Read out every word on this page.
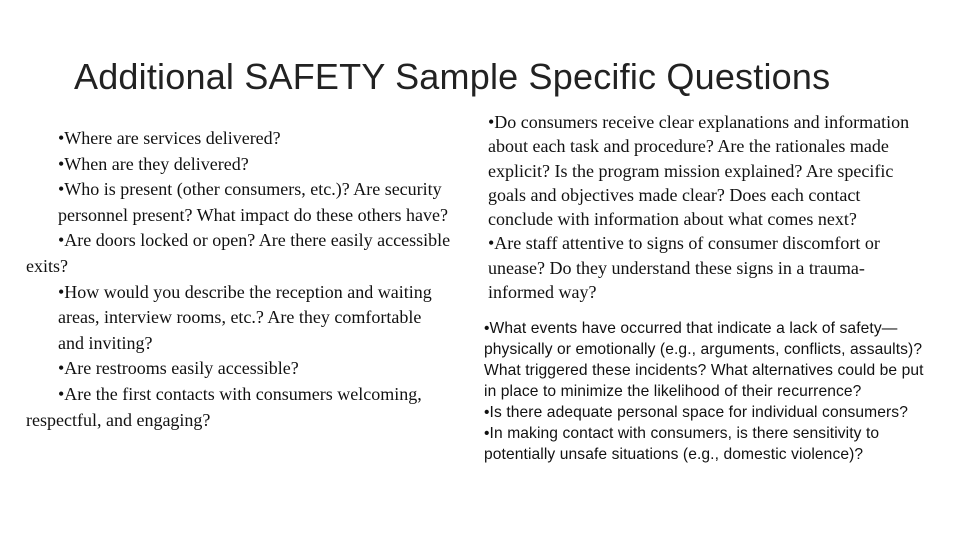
Additional SAFETY Sample Specific Questions

•Where are services delivered?

•When are they delivered?

•Who is present (other consumers, etc.)? Are security personnel present? What impact do these others have?

•Are doors locked or open? Are there easily accessible exits?

•How would you describe the reception and waiting areas, interview rooms, etc.? Are they comfortable and inviting?

•Are restrooms easily accessible?

•Are the first contacts with consumers welcoming, respectful, and engaging?

•Do consumers receive clear explanations and information about each task and procedure? Are the rationales made explicit? Is the program mission explained? Are specific goals and objectives made clear? Does each contact conclude with information about what comes next?

•Are staff attentive to signs of consumer discomfort or unease? Do they understand these signs in a trauma-informed way?

•What events have occurred that indicate a lack of safety—physically or emotionally (e.g., arguments, conflicts, assaults)? What triggered these incidents? What alternatives could be put in place to minimize the likelihood of their recurrence?

•Is there adequate personal space for individual consumers?

•In making contact with consumers, is there sensitivity to potentially unsafe situations (e.g., domestic violence)?
